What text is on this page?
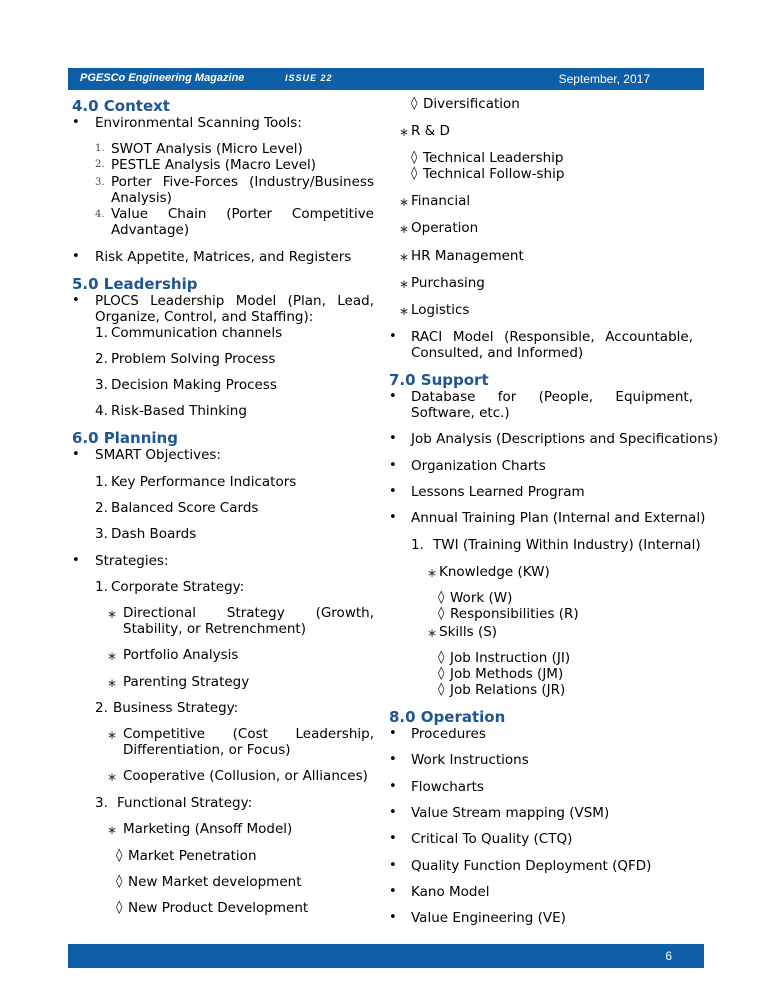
PGESCo Engineering Magazine	ISSUE 22	September, 2017
4.0 Context
• Environmental Scanning Tools:
1. SWOT Analysis (Micro Level)
2. PESTLE Analysis (Macro Level)
3. Porter Five-Forces (Industry/Business Analysis)
4. Value Chain (Porter Competitive Advantage)
• Risk Appetite, Matrices, and Registers
5.0 Leadership
• PLOCS Leadership Model (Plan, Lead, Organize, Control, and Staffing):
1. Communication channels
2. Problem Solving Process
3. Decision Making Process
4. Risk-Based Thinking
6.0 Planning
• SMART Objectives:
1. Key Performance Indicators
2. Balanced Score Cards
3. Dash Boards
• Strategies:
1. Corporate Strategy:
∗ Directional Strategy (Growth, Stability, or Retrenchment)
∗ Portfolio Analysis
∗ Parenting Strategy
2. Business Strategy:
∗ Competitive (Cost Leadership, Differentiation, or Focus)
∗ Cooperative (Collusion, or Alliances)
3. Functional Strategy:
∗ Marketing (Ansoff Model)
◊ Market Penetration
◊ New Market development
◊ New Product Development
◊ Diversification
∗ R & D
◊ Technical Leadership
◊ Technical Follow-ship
∗ Financial
∗ Operation
∗ HR Management
∗ Purchasing
∗ Logistics
• RACI Model (Responsible, Accountable, Consulted, and Informed)
7.0 Support
• Database for (People, Equipment, Software, etc.)
• Job Analysis (Descriptions and Specifications)
• Organization Charts
• Lessons Learned Program
• Annual Training Plan (Internal and External)
1. TWI (Training Within Industry) (Internal)
∗ Knowledge (KW)
◊ Work (W)
◊ Responsibilities (R)
∗ Skills (S)
◊ Job Instruction (JI)
◊ Job Methods (JM)
◊ Job Relations (JR)
8.0 Operation
• Procedures
• Work Instructions
• Flowcharts
• Value Stream mapping (VSM)
• Critical To Quality (CTQ)
• Quality Function Deployment (QFD)
• Kano Model
• Value Engineering (VE)
6
